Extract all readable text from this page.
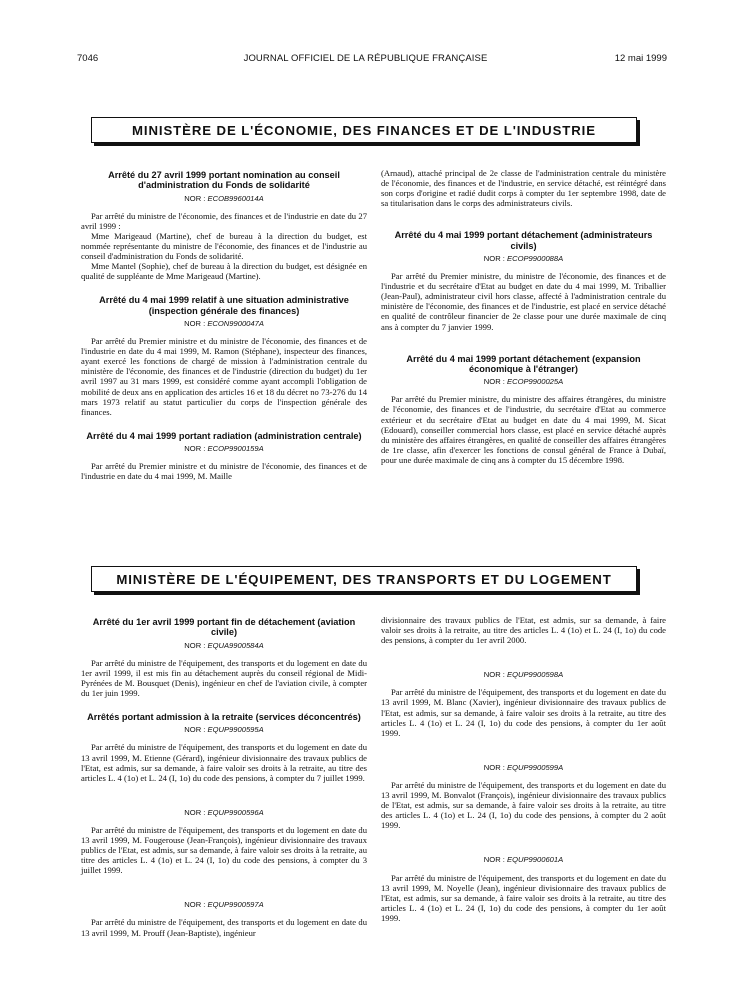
7046	JOURNAL OFFICIEL DE LA RÉPUBLIQUE FRANÇAISE	12 mai 1999
MINISTÈRE DE L'ÉCONOMIE, DES FINANCES ET DE L'INDUSTRIE
Arrêté du 27 avril 1999 portant nomination au conseil d'administration du Fonds de solidarité
NOR : ECOB9960014A

Par arrêté du ministre de l'économie, des finances et de l'industrie en date du 27 avril 1999 :

Mme Marigeaud (Martine), chef de bureau à la direction du budget, est nommée représentante du ministre de l'économie, des finances et de l'industrie au conseil d'administration du Fonds de solidarité.

Mme Mantel (Sophie), chef de bureau à la direction du budget, est désignée en qualité de suppléante de Mme Marigeaud (Martine).

Arrêté du 4 mai 1999 relatif à une situation administrative (inspection générale des finances)
NOR : ECON9900047A

Par arrêté du Premier ministre et du ministre de l'économie, des finances et de l'industrie en date du 4 mai 1999, M. Ramon (Stéphane), inspecteur des finances, ayant exercé les fonctions de chargé de mission à l'administration centrale du ministère de l'économie, des finances et de l'industrie (direction du budget) du 1er avril 1997 au 31 mars 1999, est considéré comme ayant accompli l'obligation de mobilité de deux ans en application des articles 16 et 18 du décret no 73-276 du 14 mars 1973 relatif au statut particulier du corps de l'inspection générale des finances.

Arrêté du 4 mai 1999 portant radiation (administration centrale)
NOR : ECOP9900159A

Par arrêté du Premier ministre et du ministre de l'économie, des finances et de l'industrie en date du 4 mai 1999, M. Maille

(Arnaud), attaché principal de 2e classe de l'administration centrale du ministère de l'économie, des finances et de l'industrie, en service détaché, est réintégré dans son corps d'origine et radié dudit corps à compter du 1er septembre 1998, date de sa titularisation dans le corps des administrateurs civils.

Arrêté du 4 mai 1999 portant détachement (administrateurs civils)
NOR : ECOP9900088A

Par arrêté du Premier ministre, du ministre de l'économie, des finances et de l'industrie et du secrétaire d'Etat au budget en date du 4 mai 1999, M. Triballier (Jean-Paul), administrateur civil hors classe, affecté à l'administration centrale du ministère de l'économie, des finances et de l'industrie, est placé en service détaché en qualité de contrôleur financier de 2e classe pour une durée maximale de cinq ans à compter du 7 janvier 1999.

Arrêté du 4 mai 1999 portant détachement (expansion économique à l'étranger)
NOR : ECOP9900025A

Par arrêté du Premier ministre, du ministre des affaires étrangères, du ministre de l'économie, des finances et de l'industrie, du secrétaire d'Etat au commerce extérieur et du secrétaire d'Etat au budget en date du 4 mai 1999, M. Sicat (Edouard), conseiller commercial hors classe, est placé en service détaché auprès du ministère des affaires étrangères, en qualité de conseiller des affaires étrangères de 1re classe, afin d'exercer les fonctions de consul général de France à Dubaï, pour une durée maximale de cinq ans à compter du 15 décembre 1998.

MINISTÈRE DE L'ÉQUIPEMENT, DES TRANSPORTS ET DU LOGEMENT
Arrêté du 1er avril 1999 portant fin de détachement (aviation civile)
NOR : EQUA9900584A

Par arrêté du ministre de l'équipement, des transports et du logement en date du 1er avril 1999, il est mis fin au détachement auprès du conseil régional de Midi-Pyrénées de M. Bousquet (Denis), ingénieur en chef de l'aviation civile, à compter du 1er juin 1999.

Arrêtés portant admission à la retraite (services déconcentrés)
NOR : EQUP9900595A

Par arrêté du ministre de l'équipement, des transports et du logement en date du 13 avril 1999, M. Etienne (Gérard), ingénieur divisionnaire des travaux publics de l'Etat, est admis, sur sa demande, à faire valoir ses droits à la retraite, au titre des articles L. 4 (1o) et L. 24 (I, 1o) du code des pensions, à compter du 7 juillet 1999.

NOR : EQUP9900596A

Par arrêté du ministre de l'équipement, des transports et du logement en date du 13 avril 1999, M. Fougerouse (Jean-François), ingénieur divisionnaire des travaux publics de l'Etat, est admis, sur sa demande, à faire valoir ses droits à la retraite, au titre des articles L. 4 (1o) et L. 24 (I, 1o) du code des pensions, à compter du 3 juillet 1999.

NOR : EQUP9900597A

Par arrêté du ministre de l'équipement, des transports et du logement en date du 13 avril 1999, M. Prouff (Jean-Baptiste), ingénieur

divisionnaire des travaux publics de l'Etat, est admis, sur sa demande, à faire valoir ses droits à la retraite, au titre des articles L. 4 (1o) et L. 24 (I, 1o) du code des pensions, à compter du 1er avril 2000.

NOR : EQUP9900598A

Par arrêté du ministre de l'équipement, des transports et du logement en date du 13 avril 1999, M. Blanc (Xavier), ingénieur divisionnaire des travaux publics de l'Etat, est admis, sur sa demande, à faire valoir ses droits à la retraite, au titre des articles L. 4 (1o) et L. 24 (I, 1o) du code des pensions, à compter du 1er août 1999.

NOR : EQUP9900599A

Par arrêté du ministre de l'équipement, des transports et du logement en date du 13 avril 1999, M. Bonvalot (François), ingénieur divisionnaire des travaux publics de l'Etat, est admis, sur sa demande, à faire valoir ses droits à la retraite, au titre des articles L. 4 (1o) et L. 24 (I, 1o) du code des pensions, à compter du 2 août 1999.

NOR : EQUP9900601A

Par arrêté du ministre de l'équipement, des transports et du logement en date du 13 avril 1999, M. Noyelle (Jean), ingénieur divisionnaire des travaux publics de l'Etat, est admis, sur sa demande, à faire valoir ses droits à la retraite, au titre des articles L. 4 (1o) et L. 24 (I, 1o) du code des pensions, à compter du 1er août 1999.
